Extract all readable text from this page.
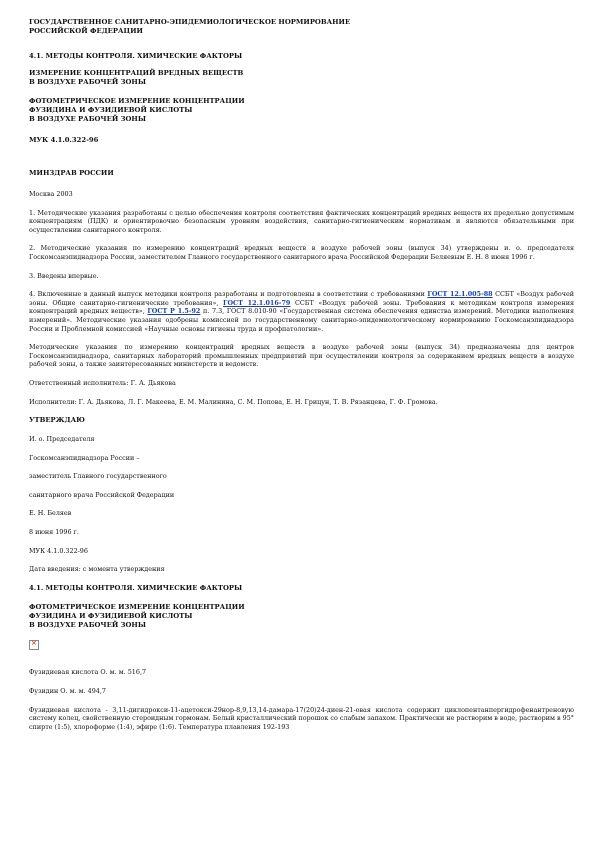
ГОСУДАРСТВЕННОЕ САНИТАРНО-ЭПИДЕМИОЛОГИЧЕСКОЕ НОРМИРОВАНИЕ
РОССИЙСКОЙ ФЕДЕРАЦИИ
4.1. МЕТОДЫ КОНТРОЛЯ. ХИМИЧЕСКИЕ ФАКТОРЫ
ИЗМЕРЕНИЕ КОНЦЕНТРАЦИЙ ВРЕДНЫХ ВЕЩЕСТВ
В ВОЗДУХЕ РАБОЧЕЙ ЗОНЫ
ФОТОМЕТРИЧЕСКОЕ ИЗМЕРЕНИЕ КОНЦЕНТРАЦИИ
ФУЗИДИНА И ФУЗИДИЕВОЙ КИСЛОТЫ
В ВОЗДУХЕ РАБОЧЕЙ ЗОНЫ
МУК 4.1.0.322-96
МИНЗДРАВ РОССИИ
Москва 2003

1. Методические указания разработаны с целью обеспечения контроля соответствия фактических концентраций вредных веществ их предельно допустимым концентрациям (ПДК) и ориентировочно безопасным уровням воздействия, санитарно-гигиеническим нормативам и являются обязательными при осуществлении санитарного контроля.

2. Методические указания по измерению концентраций вредных веществ в воздухе рабочей зоны (выпуск 34) утверждены и. о. председателя Госкомсанэпиднадзора России, заместителем Главного государственного санитарного врача Российской Федерации Беляевым Е. Н. 8 июня 1996 г.

3. Введены впервые.

4. Включенные в данный выпуск методики контроля разработаны и подготовлены в соответствии с требованиями ГОСТ 12.1.005-88 ССБТ «Воздух рабочей зоны. Общие санитарно-гигиенические требования», ГОСТ 12.1.016-79 ССБТ «Воздух рабочей зоны. Требования к методикам контроля измерения концентраций вредных веществ», ГОСТ Р 1.5-92 п. 7.3, ГОСТ 8.010-90 «Государственная система обеспечения единства измерений. Методики выполнения измерений». Методические указания одобрены комиссией по государственному санитарно-эпидемиологическому нормированию Госкомсанэпиднадзора России и Проблемной комиссией «Научные основы гигиены труда и профпатологии».

Методические указания по измерению концентраций вредных веществ в воздухе рабочей зоны (выпуск 34) предназначены для центров Госкомсанэпиднадзора, санитарных лабораторий промышленных предприятий при осуществлении контроля за содержанием вредных веществ в воздухе рабочей зоны, а также заинтересованных министерств и ведомств.

Ответственный исполнитель: Г. А. Дьякова

Исполнители: Г. А. Дьякова, Л. Г. Макеева, Е. М. Малинина, С. М. Попова, Е. Н. Грицун, Т. В. Рязанцева, Г. Ф. Громова.

УТВЕРЖДАЮ
И. о. Председателя
Госкомсанэпиднадзора России –
заместитель Главного государственного
санитарного врача Российской Федерации
Е. Н. Беляев
8 июня 1996 г.
МУК 4.1.0.322-96
Дата введения: с момента утверждения
4.1. МЕТОДЫ КОНТРОЛЯ. ХИМИЧЕСКИЕ ФАКТОРЫ
ФОТОМЕТРИЧЕСКОЕ ИЗМЕРЕНИЕ КОНЦЕНТРАЦИИ
ФУЗИДИНА И ФУЗИДИЕВОЙ КИСЛОТЫ
В ВОЗДУХЕ РАБОЧЕЙ ЗОНЫ
×
Фузидиевая кислота О. м. м. 516,7
Фузидин О. м. м. 494,7

Фузидиевая кислота - 3,11-дигидрокси-11-ацетокси-29нор-8,9,13,14-дамара-17(20)24-диен-21-овая кислота содержит циклопентанпергидрофенантреновую систему колец, свойственную стероидным гормонам. Белый кристаллический порошок со слабым запахом. Практически не растворим в воде, растворим в 95° спирте (1:5), хлороформе (1:4), эфире (1:6). Температура плавления 192-193
